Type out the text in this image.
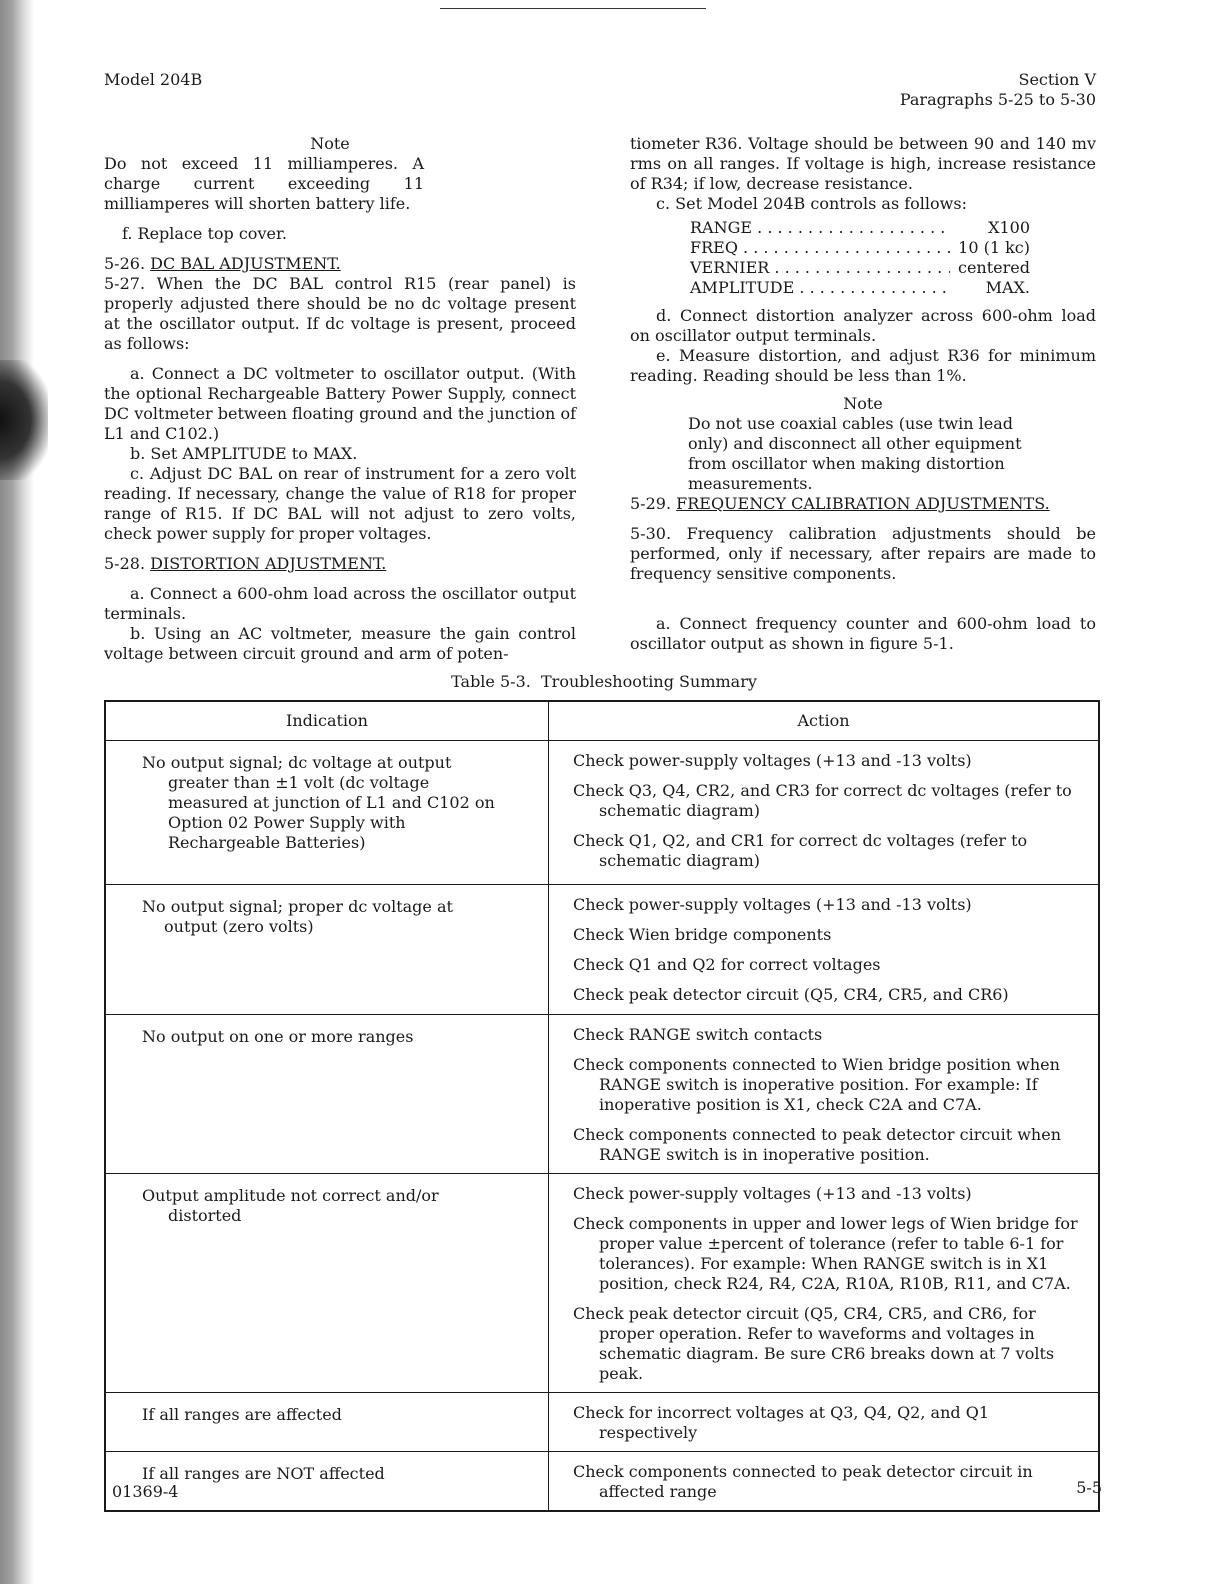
Model 204B	Section V
Paragraphs 5-25 to 5-30

Note

Do not exceed 11 milliamperes. A charge current exceeding 11 milliamperes will shorten battery life.

f. Replace top cover.

5-26. DC BAL ADJUSTMENT.

5-27. When the DC BAL control R15 (rear panel) is properly adjusted there should be no dc voltage present at the oscillator output. If dc voltage is present, proceed as follows:

a. Connect a DC voltmeter to oscillator output. (With the optional Rechargeable Battery Power Supply, connect DC voltmeter between floating ground and the junction of L1 and C102.)

b. Set AMPLITUDE to MAX.

c. Adjust DC BAL on rear of instrument for a zero volt reading. If necessary, change the value of R18 for proper range of R15. If DC BAL will not adjust to zero volts, check power supply for proper voltages.

5-28. DISTORTION ADJUSTMENT.

a. Connect a 600-ohm load across the oscillator output terminals.

b. Using an AC voltmeter, measure the gain control voltage between circuit ground and arm of poten-

tiometer R36. Voltage should be between 90 and 140 mv rms on all ranges. If voltage is high, increase resistance of R34; if low, decrease resistance.

c. Set Model 204B controls as follows:

RANGE . . .	X100
FREQ . . .	10 (1 kc)
VERNIER . . .	centered
AMPLITUDE . . .	MAX.

d. Connect distortion analyzer across 600-ohm load on oscillator output terminals.

e. Measure distortion, and adjust R36 for minimum reading. Reading should be less than 1%.

Note

Do not use coaxial cables (use twin lead only) and disconnect all other equipment from oscillator when making distortion measurements.

5-29. FREQUENCY CALIBRATION ADJUSTMENTS.

5-30. Frequency calibration adjustments should be performed, only if necessary, after repairs are made to frequency sensitive components.

a. Connect frequency counter and 600-ohm load to oscillator output as shown in figure 5-1.

Table 5-3.  Troubleshooting Summary
Indication	Action

No output signal; dc voltage at output greater than ±1 volt (dc voltage measured at junction of L1 and C102 on Option 02 Power Supply with Rechargeable Batteries)	Check power-supply voltages (+13 and -13 volts)

Check Q3, Q4, CR2, and CR3 for correct dc voltages (refer to schematic diagram)

Check Q1, Q2, and CR1 for correct dc voltages (refer to schematic diagram)

No output signal; proper dc voltage at output (zero volts)	Check power-supply voltages (+13 and -13 volts)

Check Wien bridge components

Check Q1 and Q2 for correct voltages

Check peak detector circuit (Q5, CR4, CR5, and CR6)

No output on one or more ranges	Check RANGE switch contacts

Check components connected to Wien bridge position when RANGE switch is inoperative position. For example: If inoperative position is X1, check C2A and C7A.

Check components connected to peak detector circuit when RANGE switch is in inoperative position.

Output amplitude not correct and/or distorted	Check power-supply voltages (+13 and -13 volts)

Check components in upper and lower legs of Wien bridge for proper value ±percent of tolerance (refer to table 6-1 for tolerances). For example: When RANGE switch is in X1 position, check R24, R4, C2A, R10A, R10B, R11, and C7A.

Check peak detector circuit (Q5, CR4, CR5, and CR6, for proper operation. Refer to waveforms and voltages in schematic diagram. Be sure CR6 breaks down at 7 volts peak.

If all ranges are affected	Check for incorrect voltages at Q3, Q4, Q2, and Q1 respectively

If all ranges are NOT affected	Check components connected to peak detector circuit in affected range

01369-4	5-5
